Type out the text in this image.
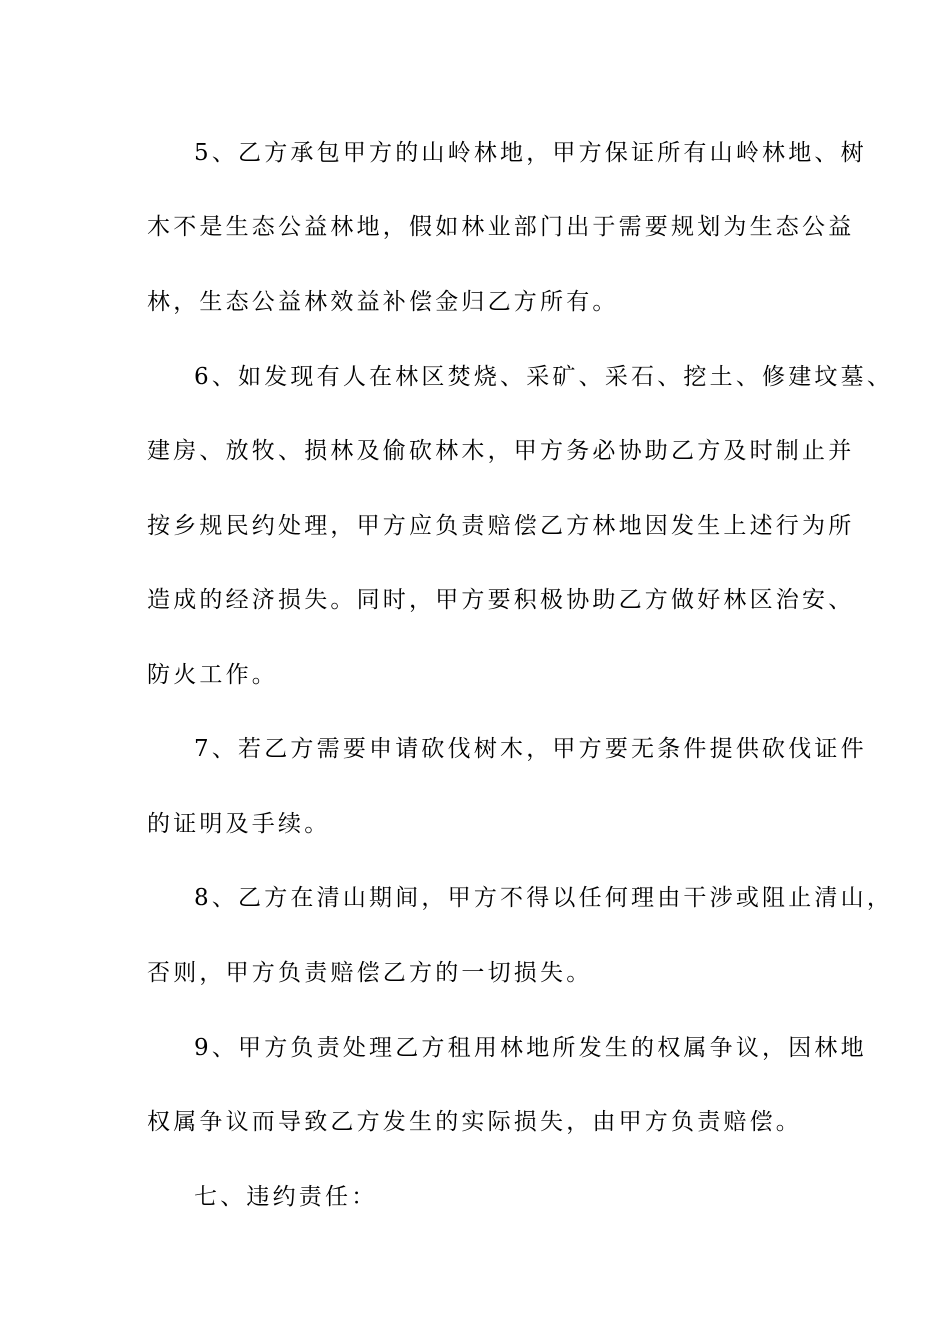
5、乙方承包甲方的山岭林地，甲方保证所有山岭林地、树
木不是生态公益林地，假如林业部门出于需要规划为生态公益
林，生态公益林效益补偿金归乙方所有。
6、如发现有人在林区焚烧、采矿、采石、挖土、修建坟墓、
建房、放牧、损林及偷砍林木，甲方务必协助乙方及时制止并
按乡规民约处理，甲方应负责赔偿乙方林地因发生上述行为所
造成的经济损失。同时，甲方要积极协助乙方做好林区治安、
防火工作。
7、若乙方需要申请砍伐树木，甲方要无条件提供砍伐证件
的证明及手续。
8、乙方在清山期间，甲方不得以任何理由干涉或阻止清山，
否则，甲方负责赔偿乙方的一切损失。
9、甲方负责处理乙方租用林地所发生的权属争议，因林地
权属争议而导致乙方发生的实际损失，由甲方负责赔偿。
七、违约责任：
